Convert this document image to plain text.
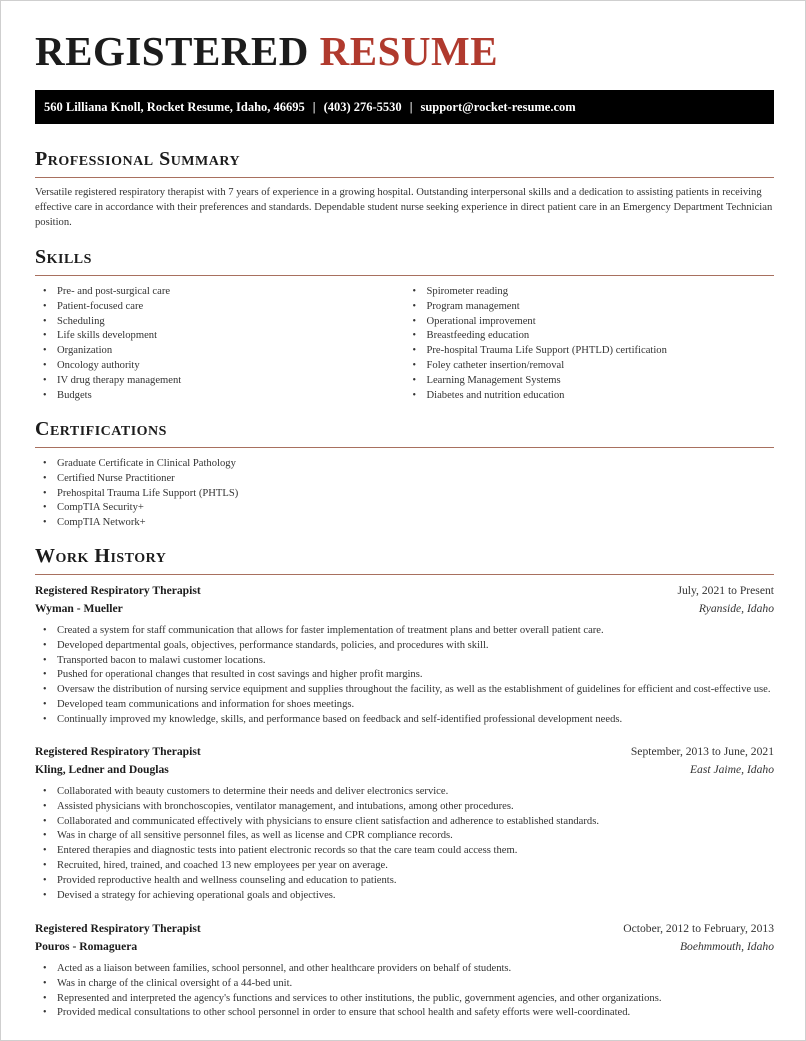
REGISTERED RESUME
560 Lilliana Knoll, Rocket Resume, Idaho, 46695 | (403) 276-5530 | support@rocket-resume.com
Professional Summary
Versatile registered respiratory therapist with 7 years of experience in a growing hospital. Outstanding interpersonal skills and a dedication to assisting patients in receiving effective care in accordance with their preferences and standards. Dependable student nurse seeking experience in direct patient care in an Emergency Department Technician position.
Skills
• Pre- and post-surgical care
• Patient-focused care
• Scheduling
• Life skills development
• Organization
• Oncology authority
• IV drug therapy management
• Budgets
• Spirometer reading
• Program management
• Operational improvement
• Breastfeeding education
• Pre-hospital Trauma Life Support (PHTLD) certification
• Foley catheter insertion/removal
• Learning Management Systems
• Diabetes and nutrition education
Certifications
• Graduate Certificate in Clinical Pathology
• Certified Nurse Practitioner
• Prehospital Trauma Life Support (PHTLS)
• CompTIA Security+
• CompTIA Network+
Work History
Registered Respiratory Therapist	July, 2021 to Present
Wyman - Mueller	Ryanside, Idaho
• Created a system for staff communication that allows for faster implementation of treatment plans and better overall patient care.
• Developed departmental goals, objectives, performance standards, policies, and procedures with skill.
• Transported bacon to malawi customer locations.
• Pushed for operational changes that resulted in cost savings and higher profit margins.
• Oversaw the distribution of nursing service equipment and supplies throughout the facility, as well as the establishment of guidelines for efficient and cost-effective use.
• Developed team communications and information for shoes meetings.
• Continually improved my knowledge, skills, and performance based on feedback and self-identified professional development needs.
Registered Respiratory Therapist	September, 2013 to June, 2021
Kling, Ledner and Douglas	East Jaime, Idaho
• Collaborated with beauty customers to determine their needs and deliver electronics service.
• Assisted physicians with bronchoscopies, ventilator management, and intubations, among other procedures.
• Collaborated and communicated effectively with physicians to ensure client satisfaction and adherence to established standards.
• Was in charge of all sensitive personnel files, as well as license and CPR compliance records.
• Entered therapies and diagnostic tests into patient electronic records so that the care team could access them.
• Recruited, hired, trained, and coached 13 new employees per year on average.
• Provided reproductive health and wellness counseling and education to patients.
• Devised a strategy for achieving operational goals and objectives.
Registered Respiratory Therapist	October, 2012 to February, 2013
Pouros - Romaguera	Boehmmouth, Idaho
• Acted as a liaison between families, school personnel, and other healthcare providers on behalf of students.
• Was in charge of the clinical oversight of a 44-bed unit.
• Represented and interpreted the agency's functions and services to other institutions, the public, government agencies, and other organizations.
• Provided medical consultations to other school personnel in order to ensure that school health and safety efforts were well-coordinated.
